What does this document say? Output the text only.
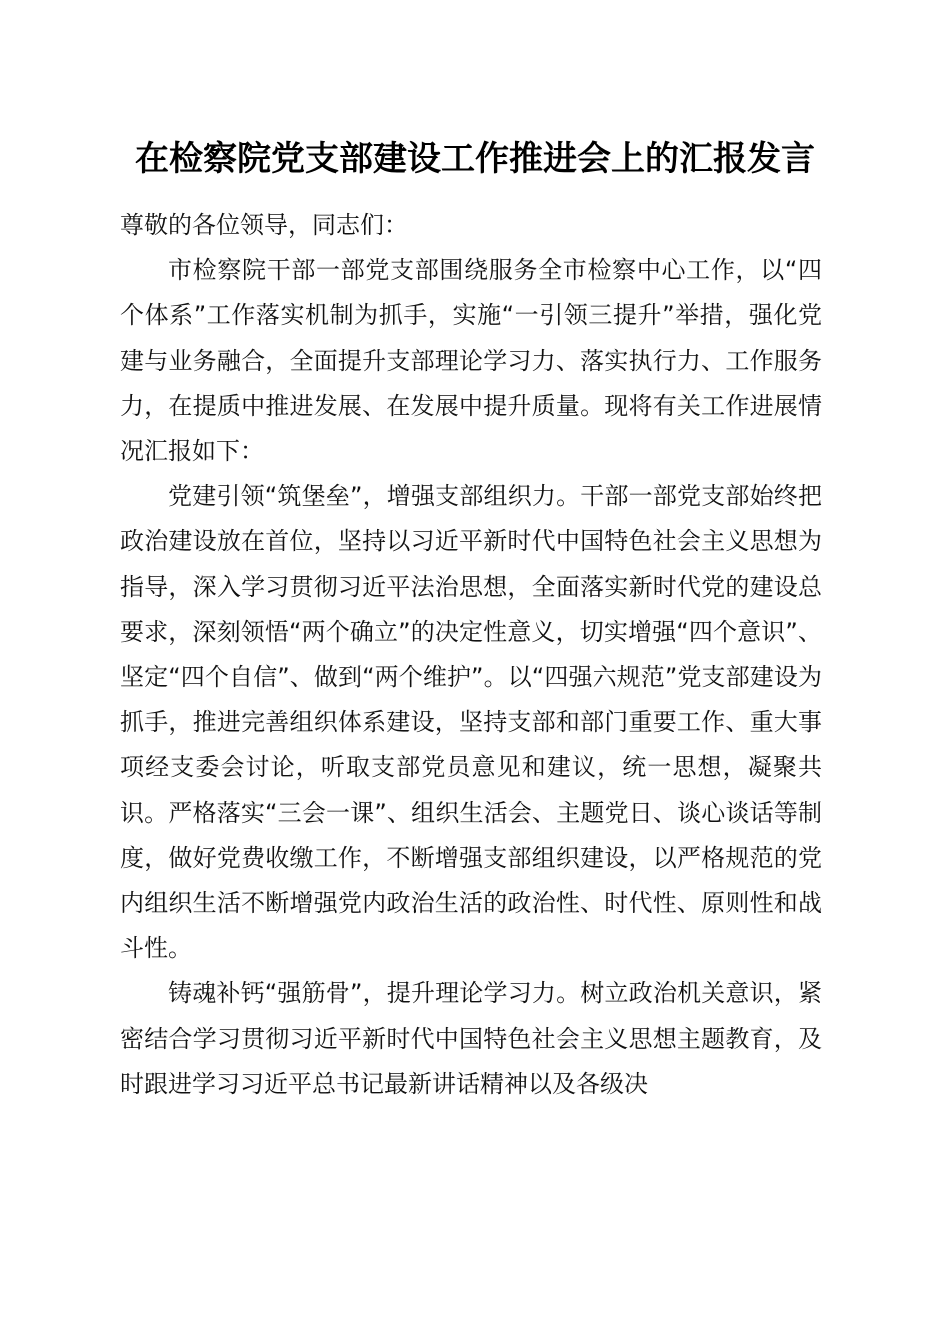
在检察院党支部建设工作推进会上的汇报发言

尊敬的各位领导，同志们：

市检察院干部一部党支部围绕服务全市检察中心工作，以“四个体系”工作落实机制为抓手，实施“一引领三提升”举措，强化党建与业务融合，全面提升支部理论学习力、落实执行力、工作服务力，在提质中推进发展、在发展中提升质量。现将有关工作进展情况汇报如下：

党建引领“筑堡垒”，增强支部组织力。干部一部党支部始终把政治建设放在首位，坚持以习近平新时代中国特色社会主义思想为指导，深入学习贯彻习近平法治思想，全面落实新时代党的建设总要求，深刻领悟“两个确立”的决定性意义，切实增强“四个意识”、坚定“四个自信”、做到“两个维护”。以“四强六规范”党支部建设为抓手，推进完善组织体系建设，坚持支部和部门重要工作、重大事项经支委会讨论，听取支部党员意见和建议，统一思想，凝聚共识。严格落实“三会一课”、组织生活会、主题党日、谈心谈话等制度，做好党费收缴工作，不断增强支部组织建设，以严格规范的党内组织生活不断增强党内政治生活的政治性、时代性、原则性和战斗性。

铸魂补钙“强筋骨”，提升理论学习力。树立政治机关意识，紧密结合学习贯彻习近平新时代中国特色社会主义思想主题教育，及时跟进学习习近平总书记最新讲话精神以及各级决
